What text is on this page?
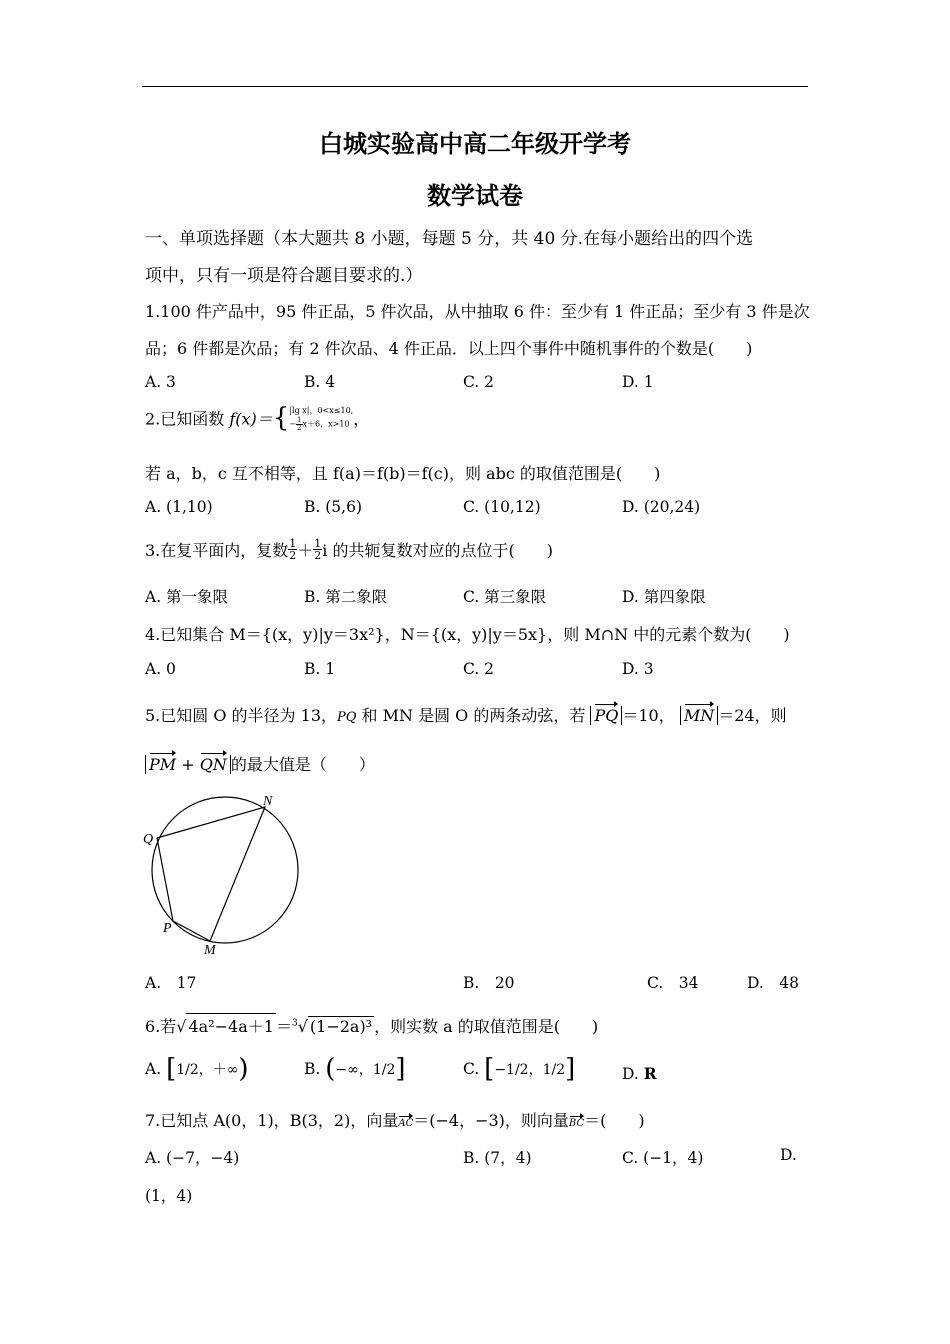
白城实验高中高二年级开学考
数学试卷
一、单项选择题（本大题共 8 小题，每题 5 分，共 40 分.在每小题给出的四个选
项中，只有一项是符合题目要求的.）
1.100 件产品中，95 件正品，5 件次品，从中抽取 6 件：至少有 1 件正品；至少有 3 件是次
品；6 件都是次品；有 2 件次品、4 件正品．以上四个事件中随机事件的个数是(　　)
A. 3	B. 4	C. 2	D. 1
2.已知函数 f(x)＝{ |lg x|，0<x≤10,
− $\frac{1}{2} x+6$，x>10 ，
若 a，b，c 互不相等，且 f(a)＝f(b)＝f(c)，则 abc 的取值范围是(　　)
A. (1,10)	B. (5,6)	C. (10,12)	D. (20,24)
3.在复平面内，复数 $\frac{1}{2} + \frac{1}{2}$ i 的共轭复数对应的点位于(　　)
A. 第一象限	B. 第二象限	C. 第三象限	D. 第四象限
4.已知集合 M＝{(x，y)|y＝3x²}，N＝{(x，y)|y＝5x}，则 M∩N 中的元素个数为(　　)
A. 0	B. 1	C. 2	D. 3
5.已知圆 O 的半径为 13，PQ 和 MN 是圆 O 的两条动弦，若 PQ ＝10， MN ＝24，则
PM + QN 的最大值是（　　）
N
Q
P
M
A.　17	B.　20	C.　34	D.　48
6.若√ 4a²−4a＋1 ＝$^3$√ (1−2a)³ ，则实数 a 的取值范围是(　　)
A. [1/2，＋∞)	B. (−∞，1/2]	C. [−1/2，1/2]	D. R
7.已知点 A(0，1)，B(3，2)，向量AC＝(−4，−3)，则向量BC＝(　　)
A. (−7，−4)	B. (7，4)	C. (−1，4)	D.
(1，4)
